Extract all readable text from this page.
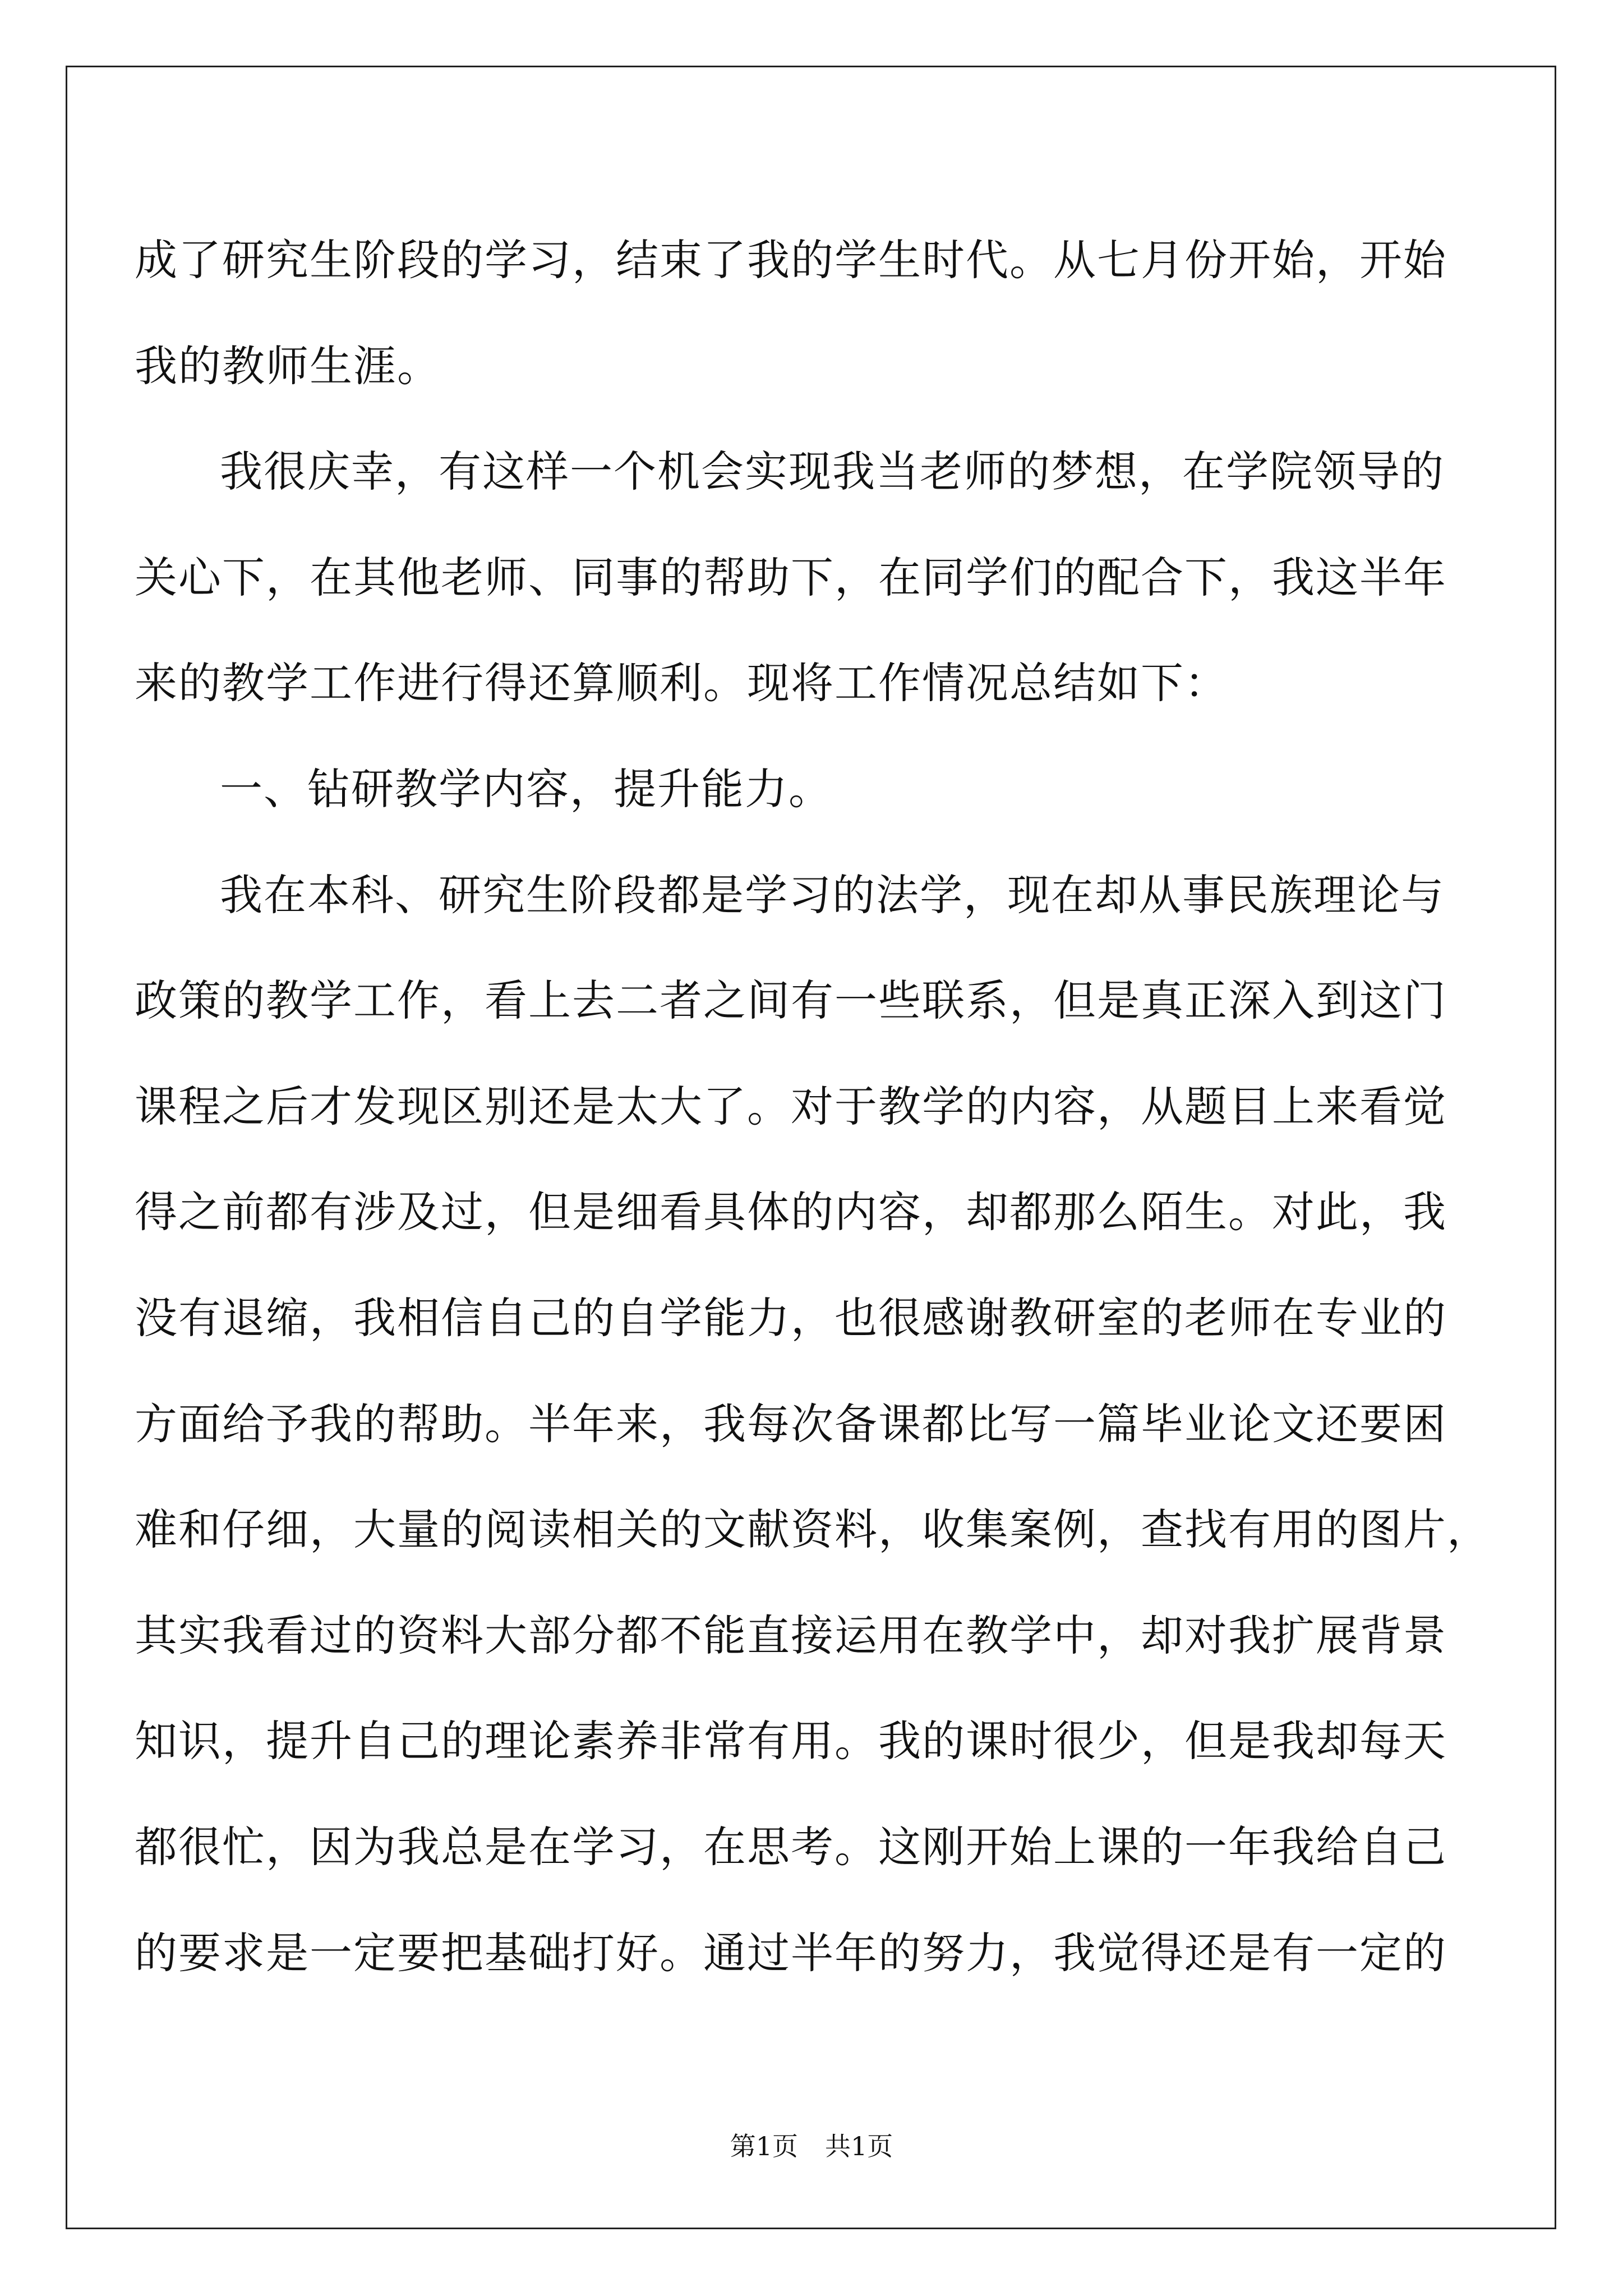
成了研究生阶段的学习，结束了我的学生时代。从七月份开始，开始
我的教师生涯。

我很庆幸，有这样一个机会实现我当老师的梦想，在学院领导的
关心下，在其他老师、同事的帮助下，在同学们的配合下，我这半年
来的教学工作进行得还算顺利。现将工作情况总结如下：

一、钻研教学内容，提升能力。

我在本科、研究生阶段都是学习的法学，现在却从事民族理论与
政策的教学工作，看上去二者之间有一些联系，但是真正深入到这门
课程之后才发现区别还是太大了。对于教学的内容，从题目上来看觉
得之前都有涉及过，但是细看具体的内容，却都那么陌生。对此，我
没有退缩，我相信自己的自学能力，也很感谢教研室的老师在专业的
方面给予我的帮助。半年来，我每次备课都比写一篇毕业论文还要困
难和仔细，大量的阅读相关的文献资料，收集案例，查找有用的图片，
其实我看过的资料大部分都不能直接运用在教学中，却对我扩展背景
知识，提升自己的理论素养非常有用。我的课时很少，但是我却每天
都很忙，因为我总是在学习，在思考。这刚开始上课的一年我给自己
的要求是一定要把基础打好。通过半年的努力，我觉得还是有一定的

第1页 共1页
